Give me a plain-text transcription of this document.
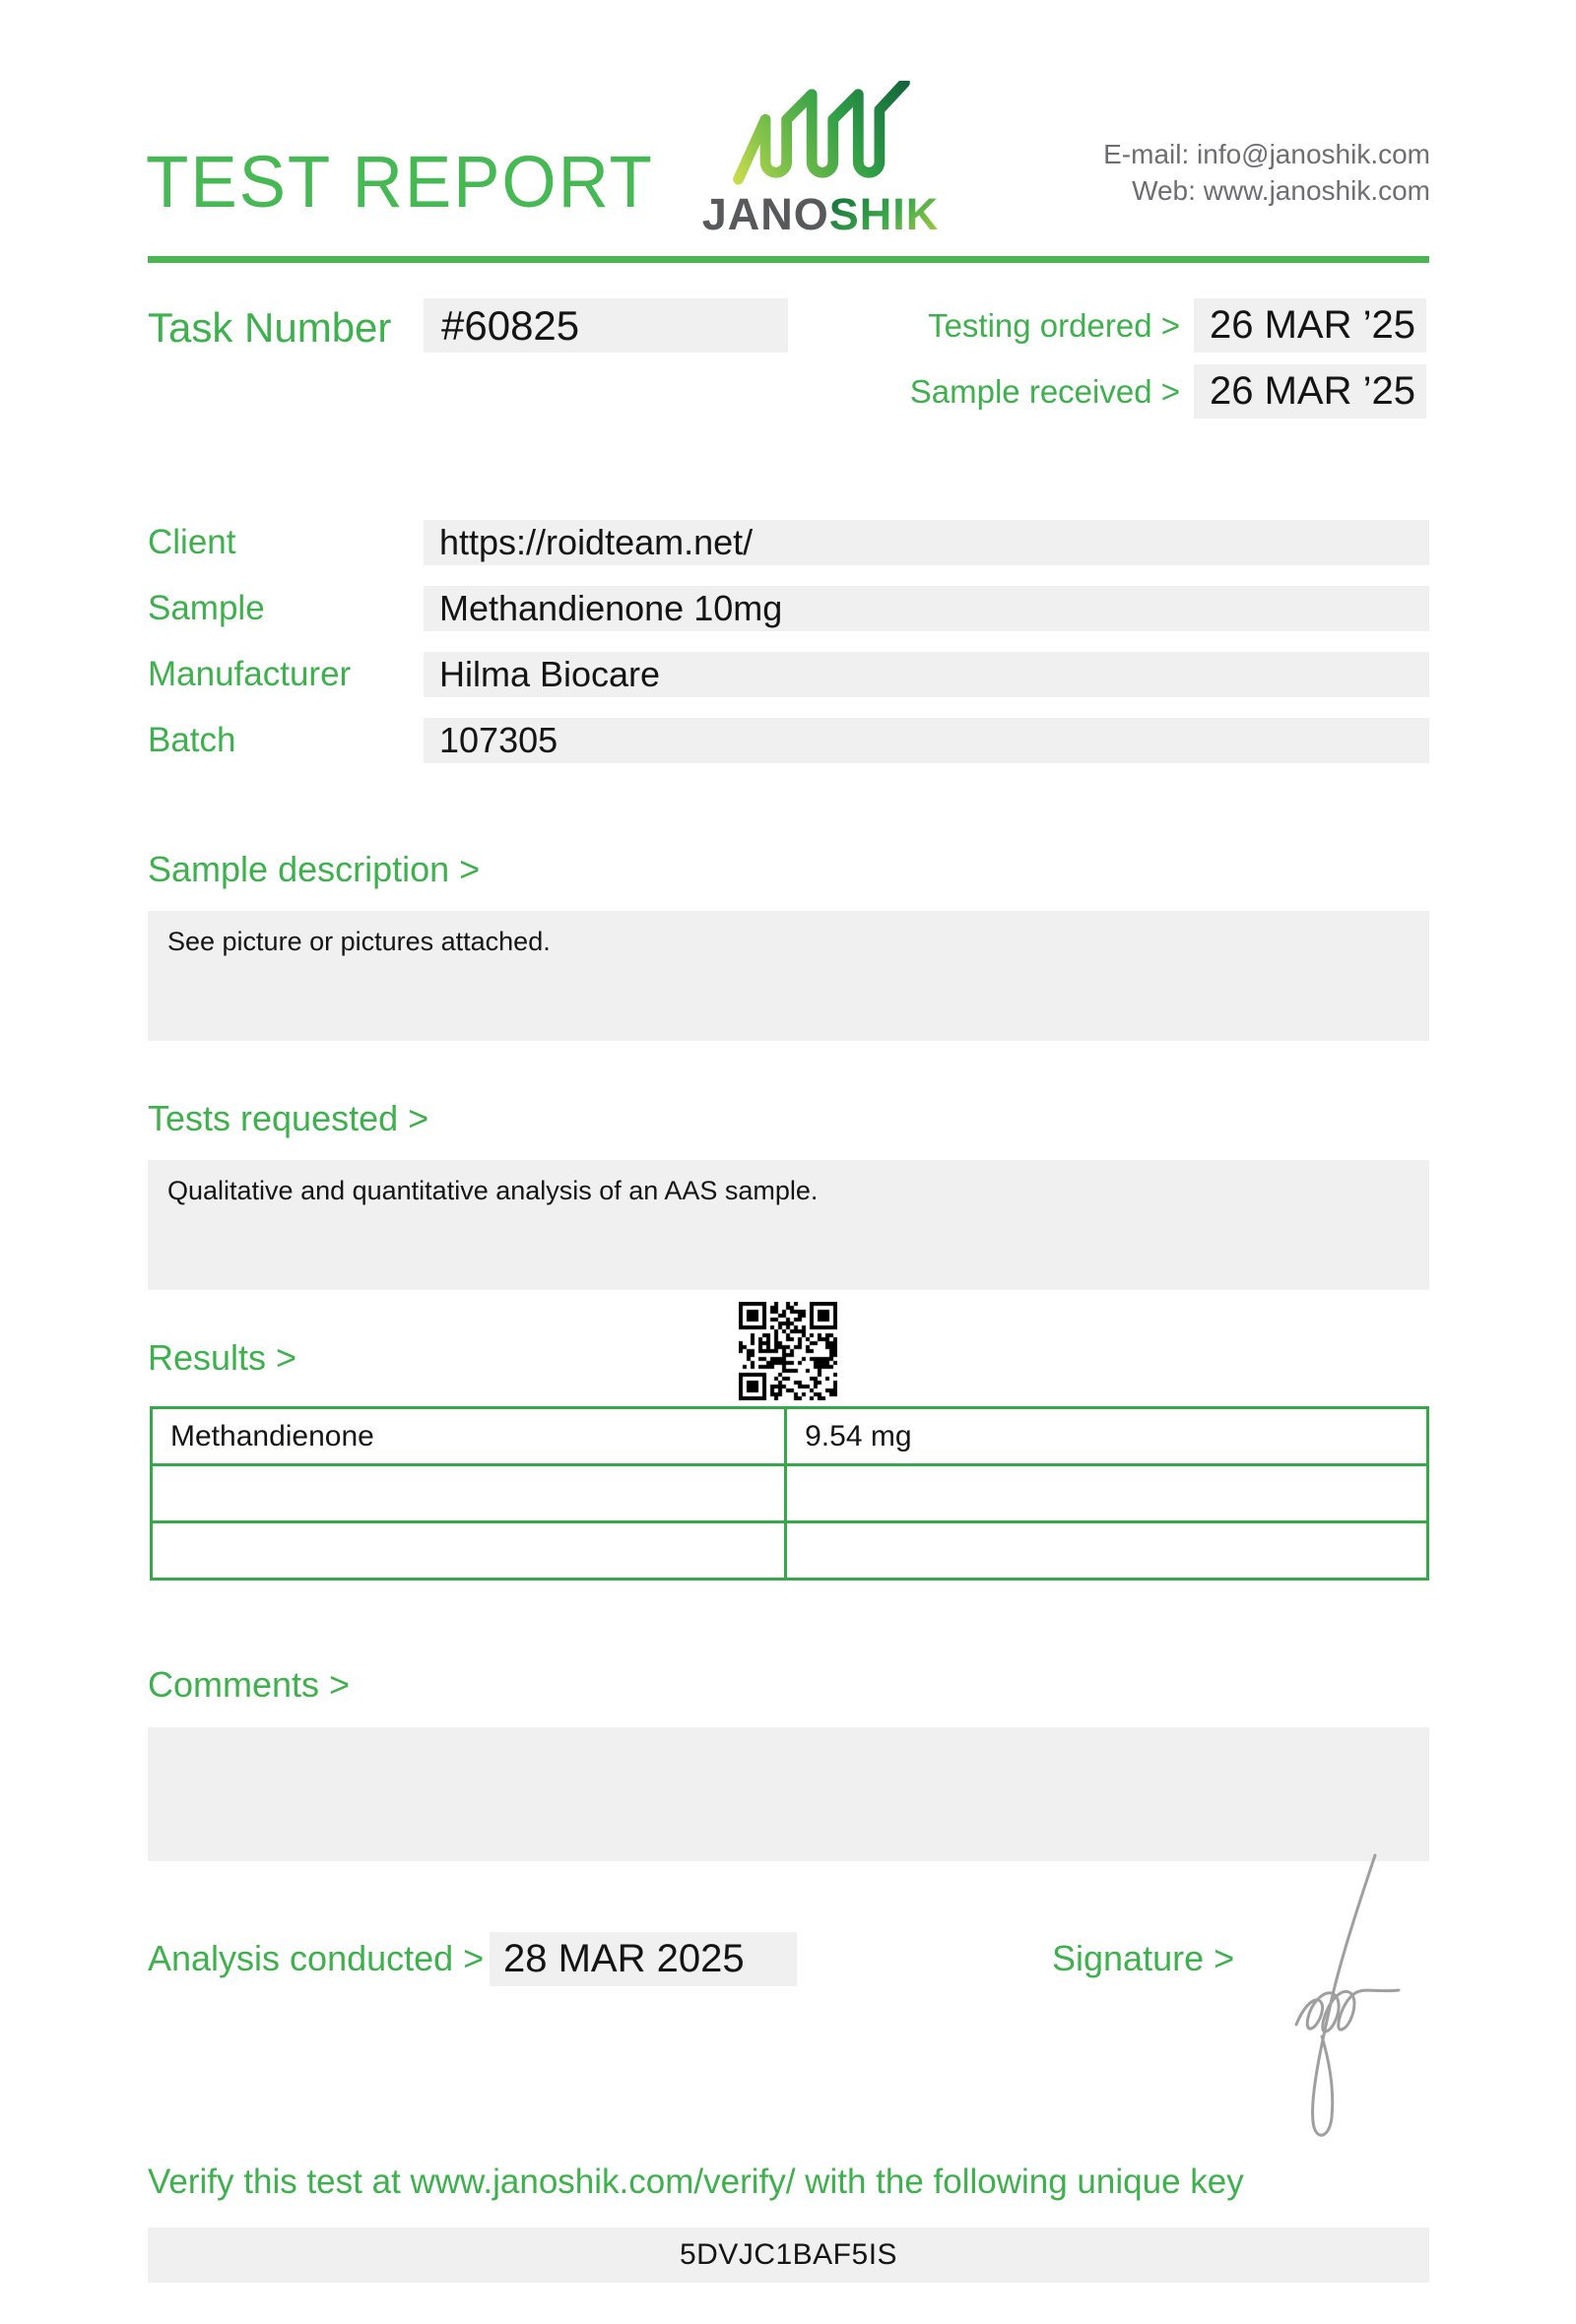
TEST REPORT	JANOSHIK
E-mail: info@janoshik.com
Web: www.janoshik.com
Task Number	#60825	Testing ordered > 26 MAR ’25
Sample received > 26 MAR ’25
Client	https://roidteam.net/
Sample	Methandienone 10mg
Manufacturer	Hilma Biocare
Batch	107305
Sample description >
See picture or pictures attached.
Tests requested >
Qualitative and quantitative analysis of an AAS sample.
Results >
Methandienone	9.54 mg

Comments >
Analysis conducted > 28 MAR 2025	Signature >
Verify this test at www.janoshik.com/verify/ with the following unique key
5DVJC1BAF5IS
